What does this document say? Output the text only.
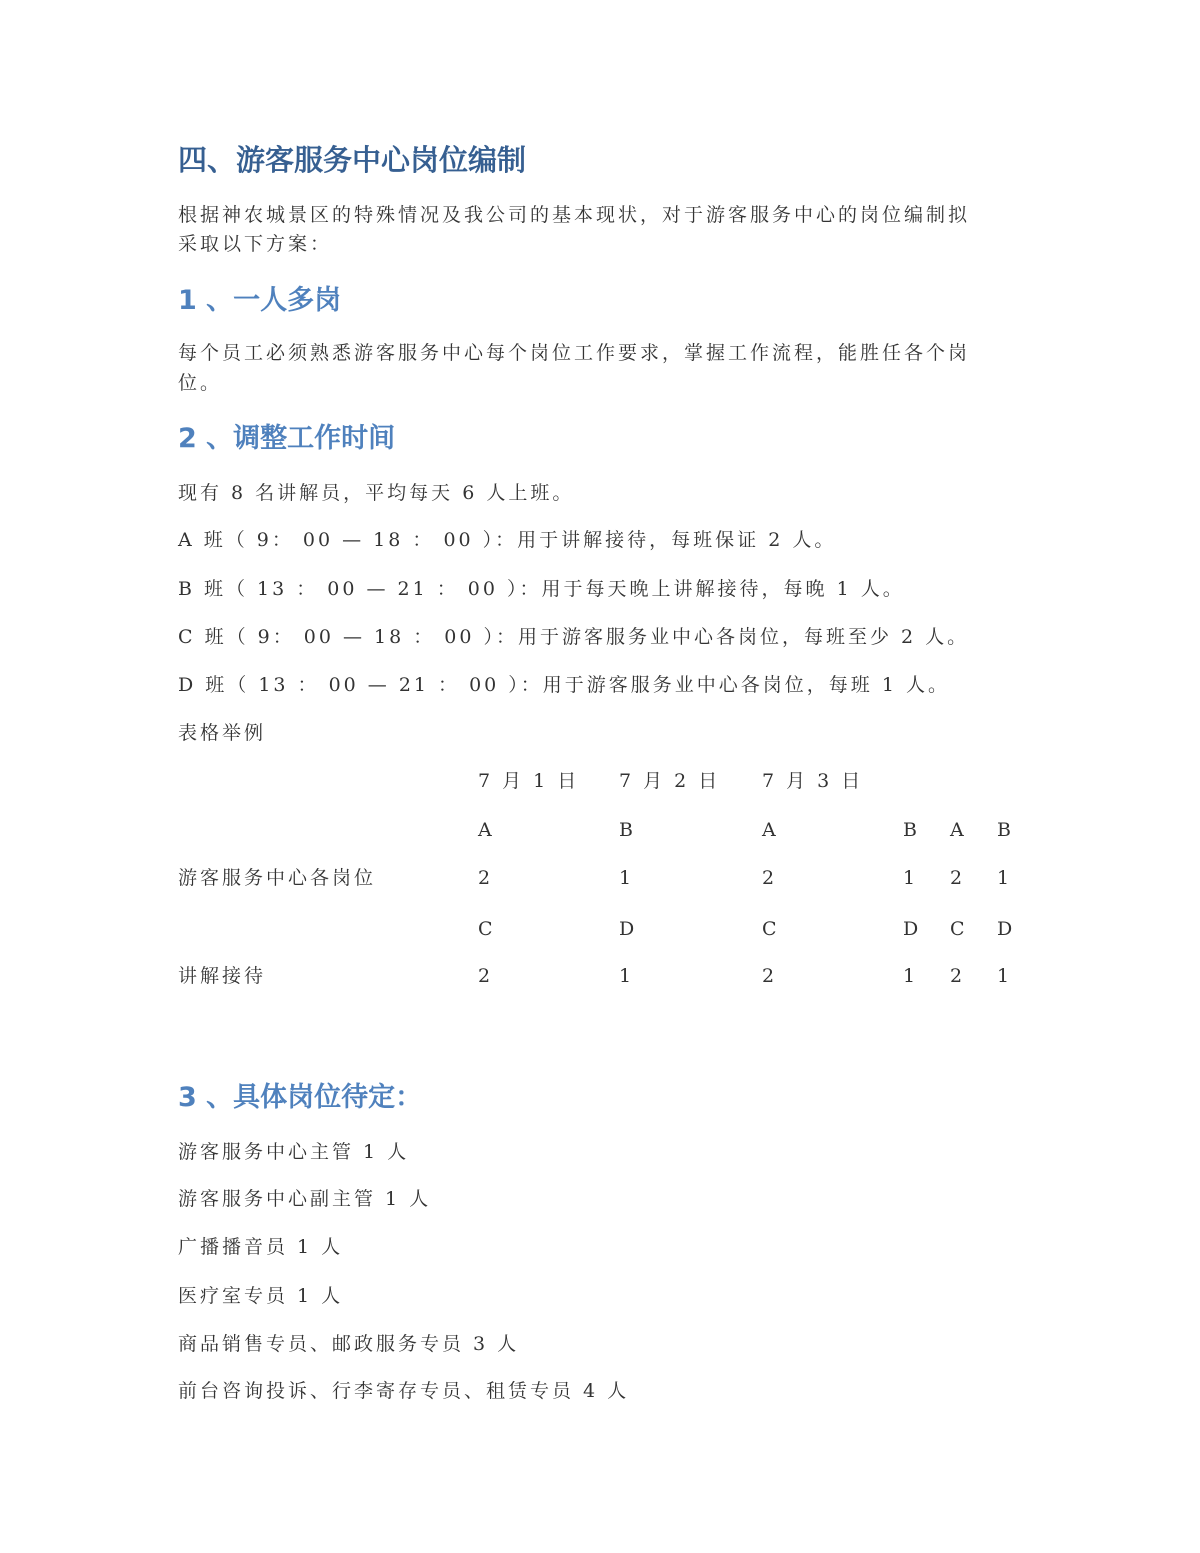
四、游客服务中心岗位编制
根据神农城景区的特殊情况及我公司的基本现状，对于游客服务中心的岗位编制拟
采取以下方案：
1 、一人多岗
每个员工必须熟悉游客服务中心每个岗位工作要求，掌握工作流程，能胜任各个岗
位。
2 、调整工作时间
现有 8 名讲解员，平均每天 6 人上班。
A 班（ 9： 00 — 18 ： 00 ）：用于讲解接待，每班保证 2 人。
B 班（ 13 ： 00 — 21 ： 00 ）：用于每天晚上讲解接待，每晚 1 人。
C 班（ 9： 00 — 18 ： 00 ）：用于游客服务业中心各岗位，每班至少 2 人。
D 班（ 13 ： 00 — 21 ： 00 ）：用于游客服务业中心各岗位，每班 1 人。
表格举例
3 、具体岗位待定：
游客服务中心主管 1 人
游客服务中心副主管 1 人
广播播音员 1 人
医疗室专员 1 人
商品销售专员、邮政服务专员 3 人
前台咨询投诉、行李寄存专员、租赁专员 4 人
7 月 1 日 7 月 2 日 7 月 3 日
A	B	A	B A B
游客服务中心各岗位	2	1	2	1 2 1
C	D	C	D C D
讲解接待	2	1	2	1 2 1
